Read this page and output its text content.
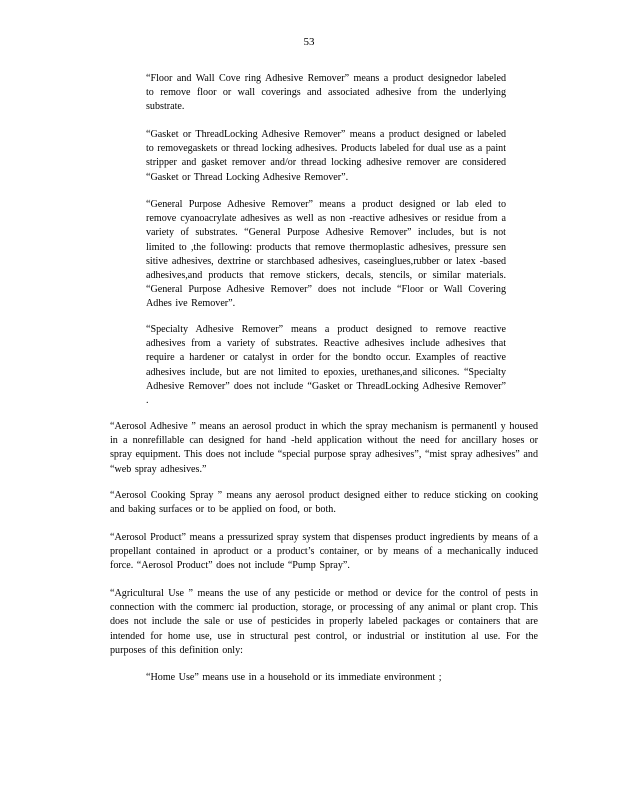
53

“Floor and Wall Cove ring Adhesive Remover” means a product designedor labeled to remove floor or wall coverings and associated adhesive from the underlying substrate.

“Gasket or ThreadLocking Adhesive Remover” means a product designed or labeled to removegaskets or thread locking adhesives. Products labeled for dual use as a paint stripper and gasket remover and/or thread locking adhesive remover are considered “Gasket or Thread Locking Adhesive Remover”.

“General Purpose Adhesive Remover” means a product designed or lab eled to remove cyanoacrylate adhesives as well as non -reactive adhesives or residue from a variety of substrates. “General Purpose Adhesive Remover” includes, but is not limited to ,the following: products that remove thermoplastic adhesives, pressure sen sitive adhesives, dextrine or starchbased adhesives, caseinglues,rubber or latex -based adhesives,and products that remove stickers, decals, stencils, or similar materials. “General Purpose Adhesive Remover” does not include “Floor or Wall Covering Adhes ive Remover”.

“Specialty Adhesive Remover” means a product designed to remove reactive adhesives from a variety of substrates. Reactive adhesives include adhesives that require a hardener or catalyst in order for the bondto occur. Examples of reactive adhesives include, but are not limited to epoxies, urethanes,and silicones. “Specialty Adhesive Remover” does not include “Gasket or ThreadLocking Adhesive Remover” .

“Aerosol Adhesive ” means an aerosol product in which the spray mechanism is permanentl y housed in a nonrefillable can designed for hand -held application without the need for ancillary hoses or spray equipment. This does not include “special purpose spray adhesives”, “mist spray adhesives” and “web spray adhesives.”

“Aerosol Cooking Spray ” means any aerosol product designed either to reduce sticking on cooking and baking surfaces or to be applied on food, or both.

“Aerosol Product” means a pressurized spray system that dispenses product ingredients by means of a propellant contained in aproduct or a product’s container, or by means of a mechanically induced force. “Aerosol Product” does not include “Pump Spray”.

“Agricultural Use ” means the use of any pesticide or method or device for the control of pests in connection with the commerc ial production, storage, or processing of any animal or plant crop. This does not include the sale or use of pesticides in properly labeled packages or containers that are intended for home use, use in structural pest control, or industrial or institution al use. For the purposes of this definition only:

“Home Use” means use in a household or its immediate environment ;
